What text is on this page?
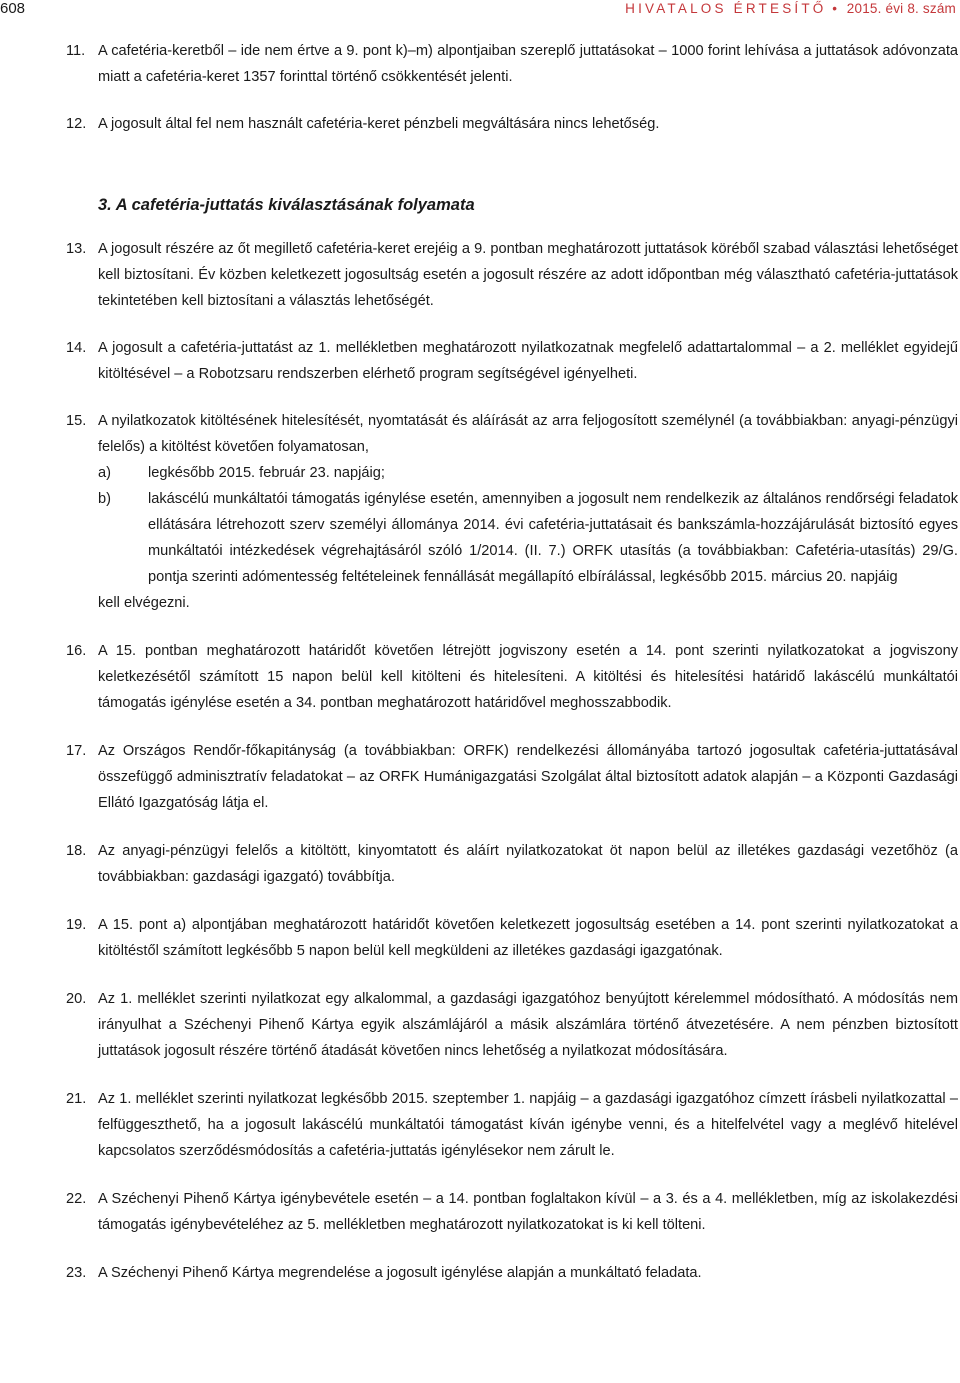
608	HIVATALOS ÉRTESÍTŐ • 2015. évi 8. szám
11. A cafetéria-keretből – ide nem értve a 9. pont k)–m) alpontjaiban szereplő juttatásokat – 1000 forint lehívása a juttatások adóvonzata miatt a cafetéria-keret 1357 forinttal történő csökkentését jelenti.
12. A jogosult által fel nem használt cafetéria-keret pénzbeli megváltására nincs lehetőség.
3. A cafetéria-juttatás kiválasztásának folyamata
13. A jogosult részére az őt megillető cafetéria-keret erejéig a 9. pontban meghatározott juttatások köréből szabad választási lehetőséget kell biztosítani. Év közben keletkezett jogosultság esetén a jogosult részére az adott időpontban még választható cafetéria-juttatások tekintetében kell biztosítani a választás lehetőségét.
14. A jogosult a cafetéria-juttatást az 1. mellékletben meghatározott nyilatkozatnak megfelelő adattartalommal – a 2. melléklet egyidejű kitöltésével – a Robotzsaru rendszerben elérhető program segítségével igényelheti.
15. A nyilatkozatok kitöltésének hitelesítését, nyomtatását és aláírását az arra feljogosított személynél (a továbbiakban: anyagi-pénzügyi felelős) a kitöltést követően folyamatosan,
a)	legkésőbb 2015. február 23. napjáig;
b)	lakáscélú munkáltatói támogatás igénylése esetén, amennyiben a jogosult nem rendelkezik az általános rendőrségi feladatok ellátására létrehozott szerv személyi állománya 2014. évi cafetéria-juttatásait és bankszámla-hozzájárulását biztosító egyes munkáltatói intézkedések végrehajtásáról szóló 1/2014. (II. 7.) ORFK utasítás (a továbbiakban: Cafetéria-utasítás) 29/G. pontja szerinti adómentesség feltételeinek fennállását megállapító elbírálással, legkésőbb 2015. március 20. napjáig
kell elvégezni.
16. A 15. pontban meghatározott határidőt követően létrejött jogviszony esetén a 14. pont szerinti nyilatkozatokat a jogviszony keletkezésétől számított 15 napon belül kell kitölteni és hitelesíteni. A kitöltési és hitelesítési határidő lakáscélú munkáltatói támogatás igénylése esetén a 34. pontban meghatározott határidővel meghosszabbodik.
17. Az Országos Rendőr-főkapitányság (a továbbiakban: ORFK) rendelkezési állományába tartozó jogosultak cafetéria-juttatásával összefüggő adminisztratív feladatokat – az ORFK Humánigazgatási Szolgálat által biztosított adatok alapján – a Központi Gazdasági Ellátó Igazgatóság látja el.
18. Az anyagi-pénzügyi felelős a kitöltött, kinyomtatott és aláírt nyilatkozatokat öt napon belül az illetékes gazdasági vezetőhöz (a továbbiakban: gazdasági igazgató) továbbítja.
19. A 15. pont a) alpontjában meghatározott határidőt követően keletkezett jogosultság esetében a 14. pont szerinti nyilatkozatokat a kitöltéstől számított legkésőbb 5 napon belül kell megküldeni az illetékes gazdasági igazgatónak.
20. Az 1. melléklet szerinti nyilatkozat egy alkalommal, a gazdasági igazgatóhoz benyújtott kérelemmel módosítható. A módosítás nem irányulhat a Széchenyi Pihenő Kártya egyik alszámlájáról a másik alszámlára történő átvezetésére. A nem pénzben biztosított juttatások jogosult részére történő átadását követően nincs lehetőség a nyilatkozat módosítására.
21. Az 1. melléklet szerinti nyilatkozat legkésőbb 2015. szeptember 1. napjáig – a gazdasági igazgatóhoz címzett írásbeli nyilatkozattal – felfüggeszthető, ha a jogosult lakáscélú munkáltatói támogatást kíván igénybe venni, és a hitelfelvétel vagy a meglévő hitelével kapcsolatos szerződésmódosítás a cafetéria-juttatás igénylésekor nem zárult le.
22. A Széchenyi Pihenő Kártya igénybevétele esetén – a 14. pontban foglaltakon kívül – a 3. és a 4. mellékletben, míg az iskolakezdési támogatás igénybevételéhez az 5. mellékletben meghatározott nyilatkozatokat is ki kell tölteni.
23. A Széchenyi Pihenő Kártya megrendelése a jogosult igénylése alapján a munkáltató feladata.
